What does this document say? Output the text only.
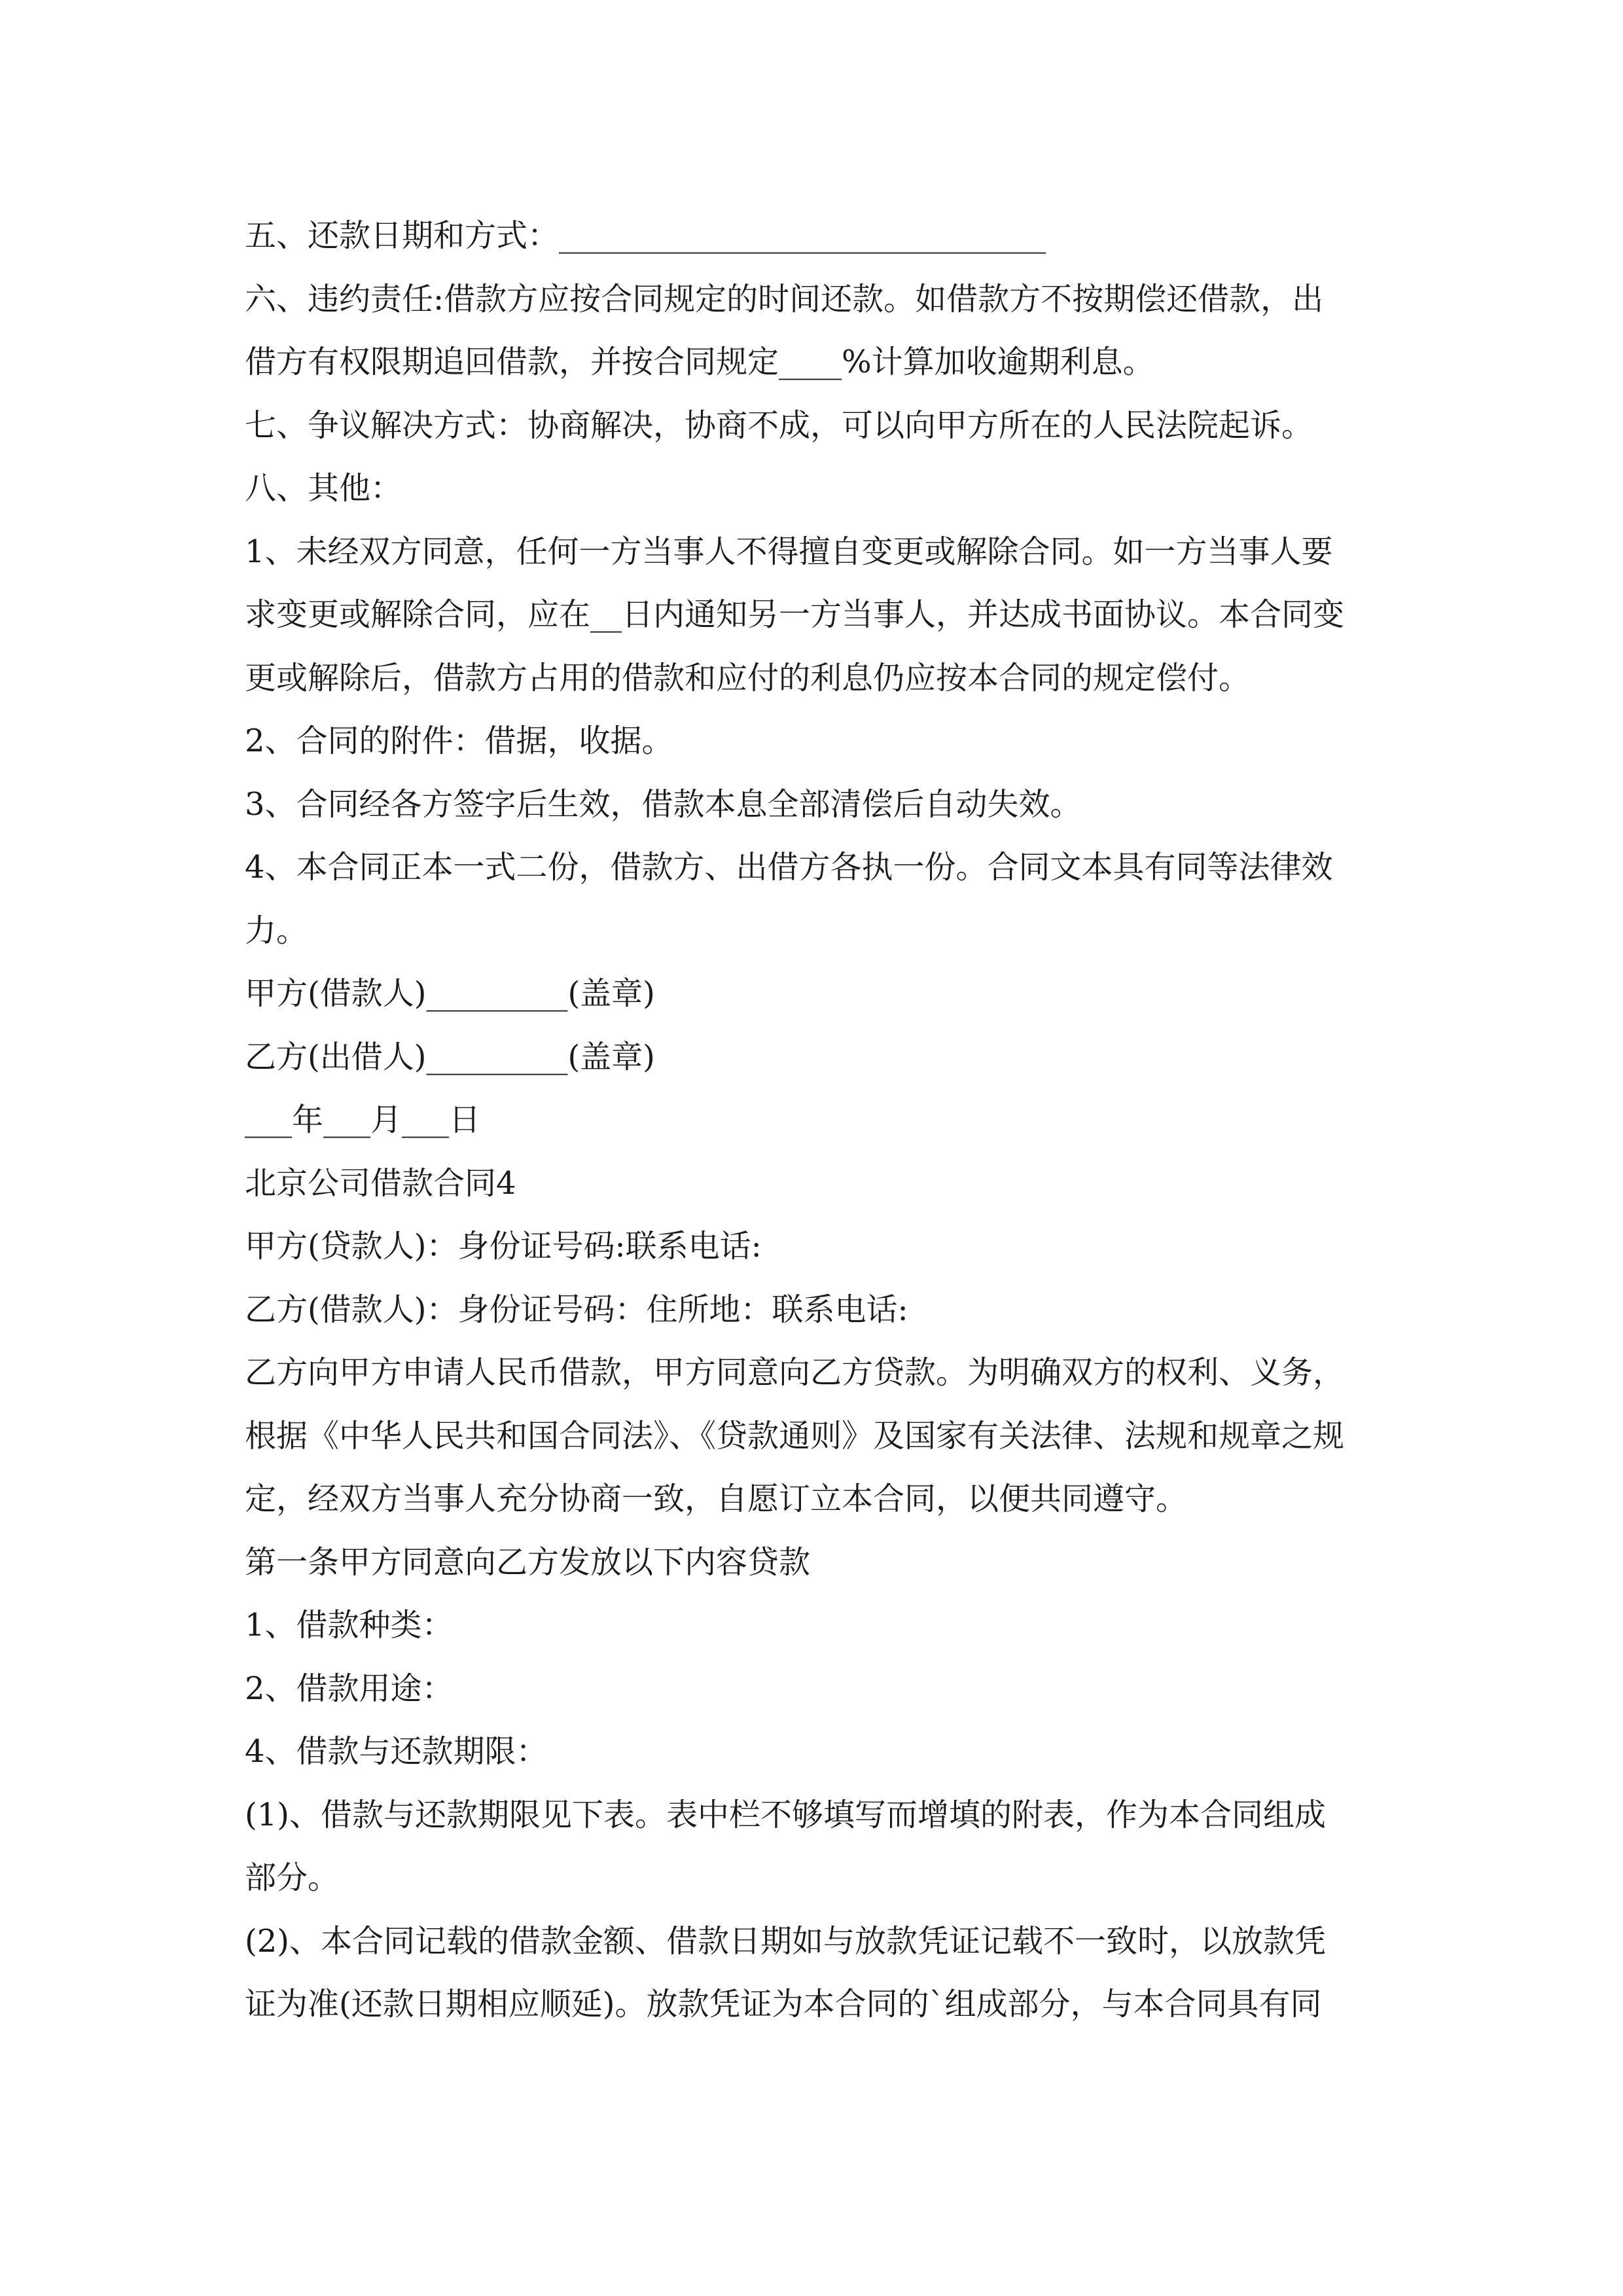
五、还款日期和方式：_______________________________
六、违约责任:借款方应按合同规定的时间还款。如借款方不按期偿还借款，出
借方有权限期追回借款，并按合同规定____%计算加收逾期利息。
七、争议解决方式：协商解决，协商不成，可以向甲方所在的人民法院起诉。
八、其他：
1、未经双方同意，任何一方当事人不得擅自变更或解除合同。如一方当事人要
求变更或解除合同，应在__日内通知另一方当事人，并达成书面协议。本合同变
更或解除后，借款方占用的借款和应付的利息仍应按本合同的规定偿付。
2、合同的附件：借据，收据。
3、合同经各方签字后生效，借款本息全部清偿后自动失效。
4、本合同正本一式二份，借款方、出借方各执一份。合同文本具有同等法律效
力。
甲方(借款人)_________(盖章)
乙方(出借人)_________(盖章)
___年___月___日
北京公司借款合同4
甲方(贷款人)：身份证号码:联系电话:
乙方(借款人)：身份证号码：住所地：联系电话:
乙方向甲方申请人民币借款，甲方同意向乙方贷款。为明确双方的权利、义务，
根据《中华人民共和国合同法》、《贷款通则》及国家有关法律、法规和规章之规
定，经双方当事人充分协商一致，自愿订立本合同，以便共同遵守。
第一条甲方同意向乙方发放以下内容贷款
1、借款种类：
2、借款用途：
4、借款与还款期限：
(1)、借款与还款期限见下表。表中栏不够填写而增填的附表，作为本合同组成
部分。
(2)、本合同记载的借款金额、借款日期如与放款凭证记载不一致时，以放款凭
证为准(还款日期相应顺延)。放款凭证为本合同的`组成部分，与本合同具有同
